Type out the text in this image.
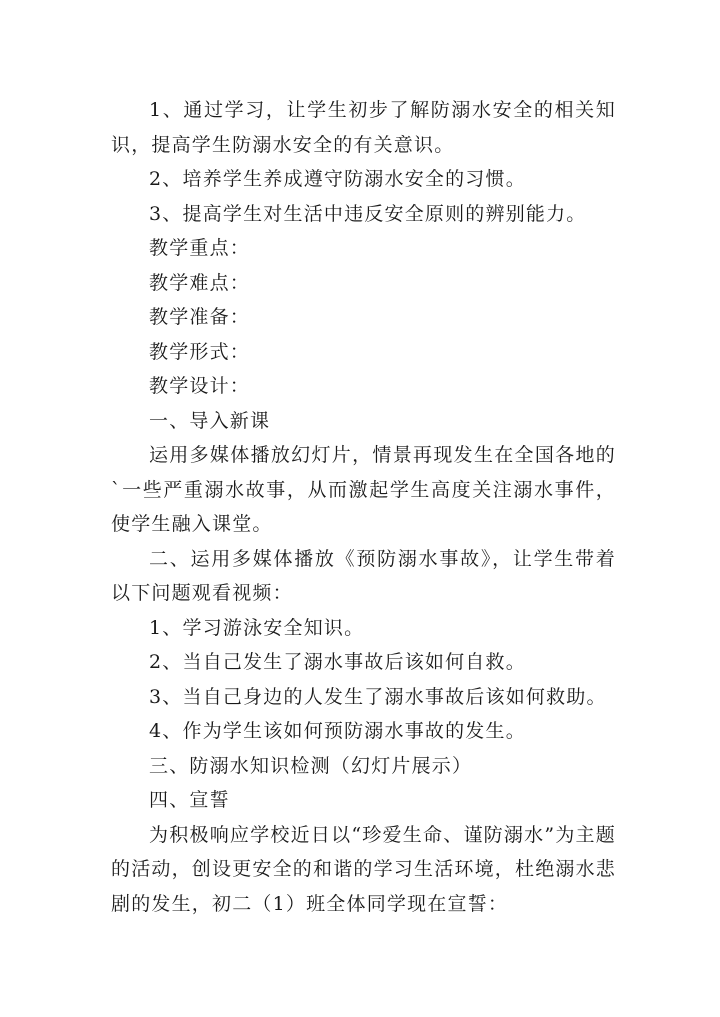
1、通过学习，让学生初步了解防溺水安全的相关知识，提高学生防溺水安全的有关意识。

2、培养学生养成遵守防溺水安全的习惯。

3、提高学生对生活中违反安全原则的辨别能力。

教学重点：

教学难点：

教学准备：

教学形式：

教学设计：

一、导入新课

运用多媒体播放幻灯片，情景再现发生在全国各地的`一些严重溺水故事，从而激起学生高度关注溺水事件，使学生融入课堂。

二、运用多媒体播放《预防溺水事故》，让学生带着以下问题观看视频：

1、学习游泳安全知识。

2、当自己发生了溺水事故后该如何自救。

3、当自己身边的人发生了溺水事故后该如何救助。

4、作为学生该如何预防溺水事故的发生。

三、防溺水知识检测（幻灯片展示）

四、宣誓

为积极响应学校近日以“珍爱生命、谨防溺水”为主题的活动，创设更安全的和谐的学习生活环境，杜绝溺水悲剧的发生，初二（1）班全体同学现在宣誓：
